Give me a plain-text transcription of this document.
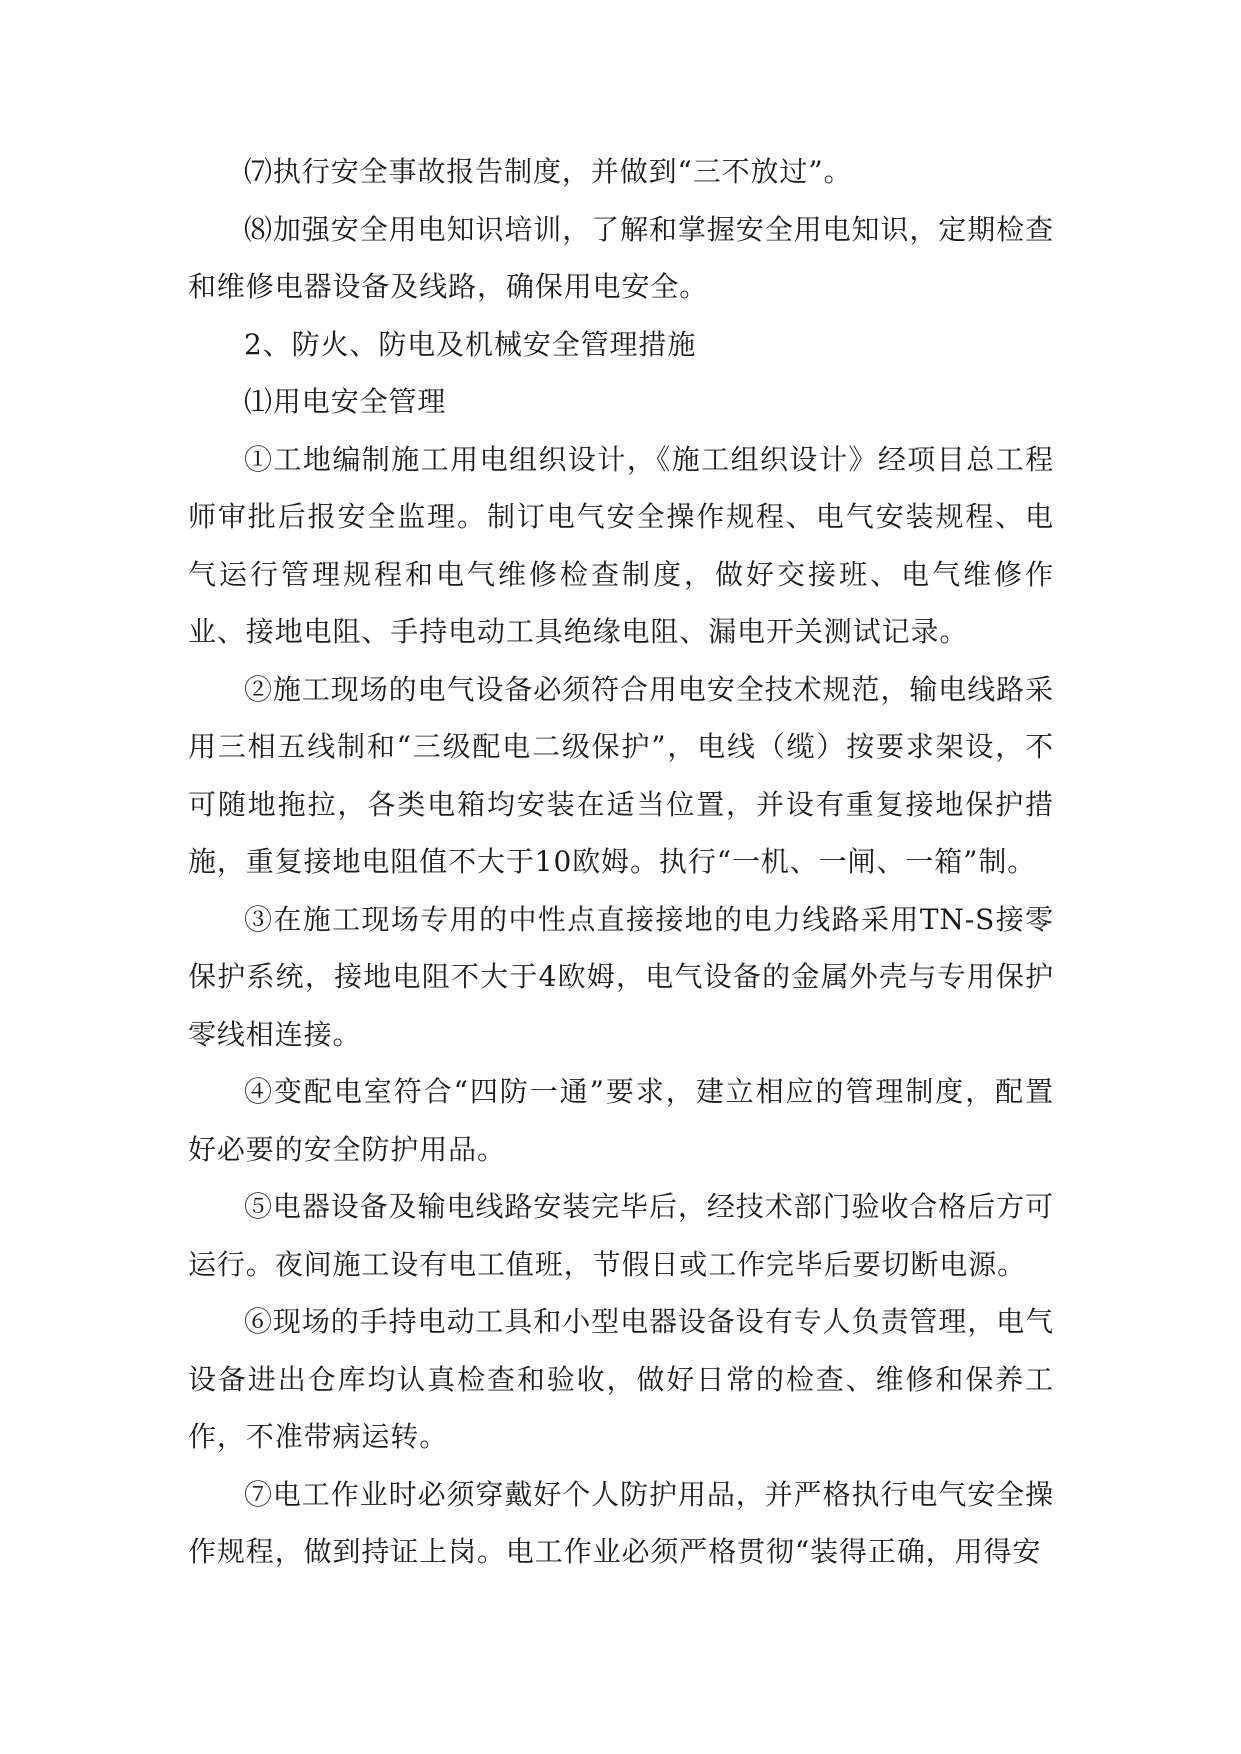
⑺执行安全事故报告制度，并做到“三不放过”。

⑻加强安全用电知识培训，了解和掌握安全用电知识，定期检查和维修电器设备及线路，确保用电安全。

2、防火、防电及机械安全管理措施

⑴用电安全管理

①工地编制施工用电组织设计，《施工组织设计》经项目总工程师审批后报安全监理。制订电气安全操作规程、电气安装规程、电气运行管理规程和电气维修检查制度，做好交接班、电气维修作业、接地电阻、手持电动工具绝缘电阻、漏电开关测试记录。

②施工现场的电气设备必须符合用电安全技术规范，输电线路采用三相五线制和“三级配电二级保护”，电线（缆）按要求架设，不可随地拖拉，各类电箱均安装在适当位置，并设有重复接地保护措施，重复接地电阻值不大于10欧姆。执行“一机、一闸、一箱”制。

③在施工现场专用的中性点直接接地的电力线路采用TN-S接零保护系统，接地电阻不大于4欧姆，电气设备的金属外壳与专用保护零线相连接。

④变配电室符合“四防一通”要求，建立相应的管理制度，配置好必要的安全防护用品。

⑤电器设备及输电线路安装完毕后，经技术部门验收合格后方可运行。夜间施工设有电工值班，节假日或工作完毕后要切断电源。

⑥现场的手持电动工具和小型电器设备设有专人负责管理，电气设备进出仓库均认真检查和验收，做好日常的检查、维修和保养工作，不准带病运转。

⑦电工作业时必须穿戴好个人防护用品，并严格执行电气安全操作规程，做到持证上岗。电工作业必须严格贯彻“装得正确，用得安
